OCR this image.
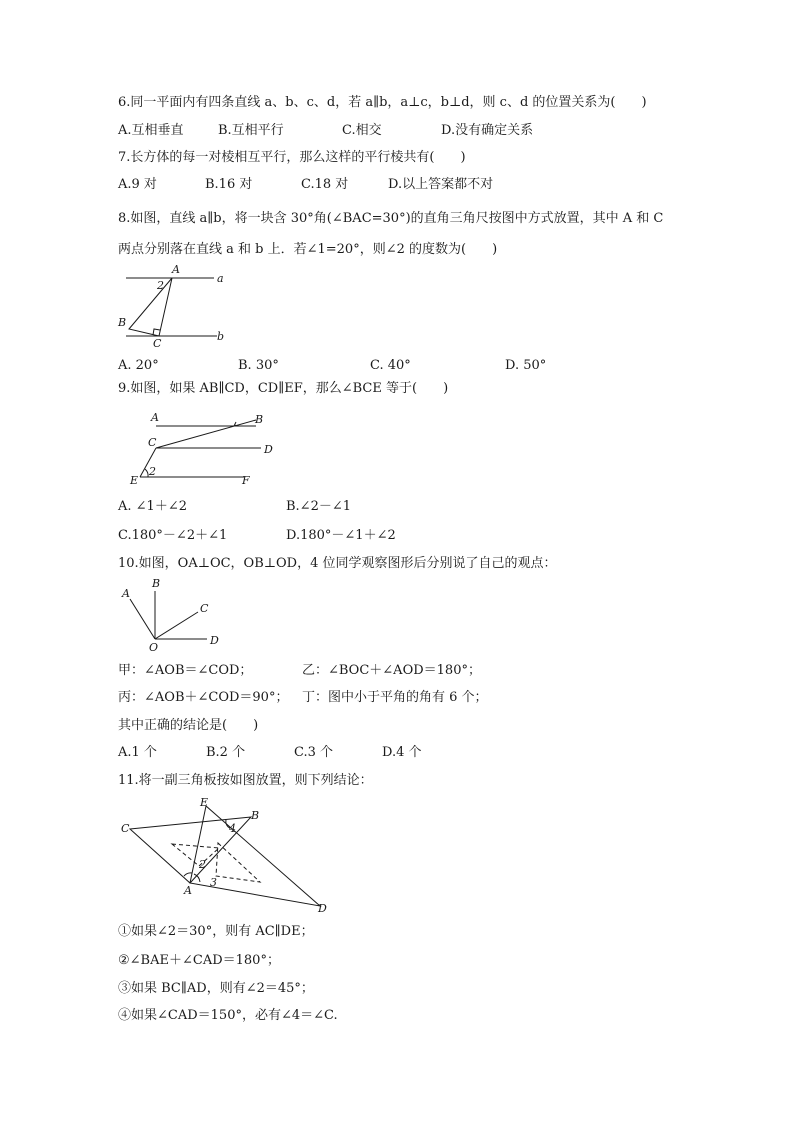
6.同一平面内有四条直线 a、b、c、d，若 a∥b，a⊥c，b⊥d，则 c、d 的位置关系为(　　)
A.互相垂直	B.互相平行	C.相交	D.没有确定关系
7.长方体的每一对棱相互平行，那么这样的平行棱共有(　　)
A.9 对	B.16 对	C.18 对	D.以上答案都不对
8.如图，直线 a∥b，将一块含 30°角(∠BAC=30°)的直角三角尺按图中方式放置，其中 A 和 C
两点分别落在直线 a 和 b 上．若∠1=20°，则∠2 的度数为(　　)
A
B
C
a
b
2
A. 20°	B. 30°	C. 40°	D. 50°
9.如图，如果 AB∥CD，CD∥EF，那么∠BCE 等于(　　)
A	B
C
D
E	F
2
A. ∠1＋∠2	B.∠2－∠1
C.180°－∠2＋∠1	D.180°－∠1＋∠2
10.如图，OA⊥OC，OB⊥OD，4 位同学观察图形后分别说了自己的观点：
B
A
C
D
O
甲：∠AOB＝∠COD；	乙：∠BOC＋∠AOD＝180°；
丙：∠AOB＋∠COD＝90°； 丁：图中小于平角的角有 6 个；
其中正确的结论是(　　)
A.1 个	B.2 个	C.3 个	D.4 个
11.将一副三角板按如图放置，则下列结论：
E
B
C
A
D
2
3
4
①如果∠2＝30°，则有 AC∥DE；
②∠BAE＋∠CAD＝180°；
③如果 BC∥AD，则有∠2＝45°；
④如果∠CAD＝150°，必有∠4＝∠C.
